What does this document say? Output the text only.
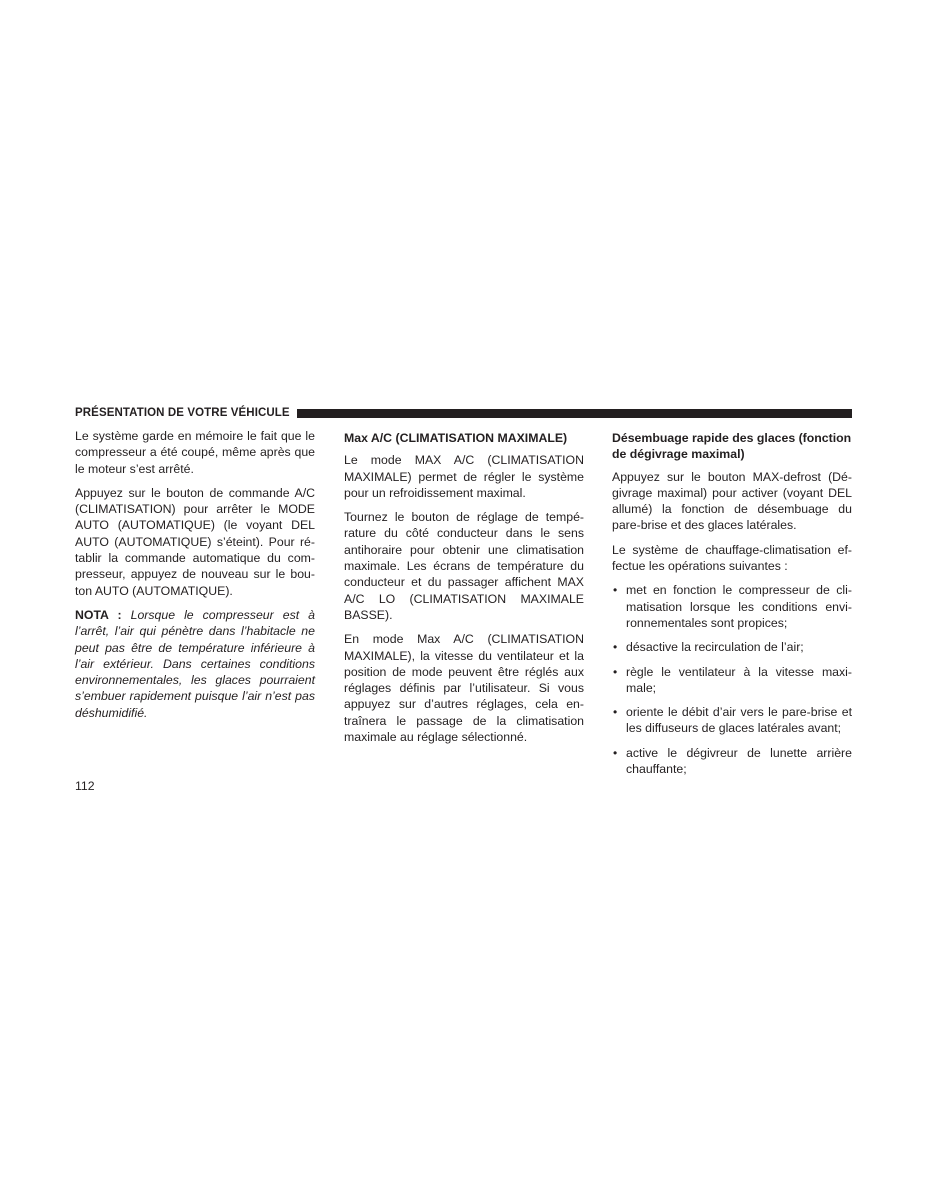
PRÉSENTATION DE VOTRE VÉHICULE

Le système garde en mémoire le fait que le compresseur a été coupé, même après que le moteur s’est arrêté.

Appuyez sur le bouton de commande A/C (CLIMATISATION) pour arrêter le MODE AUTO (AUTOMATIQUE) (le voyant DEL AUTO (AUTOMATIQUE) s’éteint). Pour ré-tablir la commande automatique du com-presseur, appuyez de nouveau sur le bou-ton AUTO (AUTOMATIQUE).

NOTA : Lorsque le compresseur est à l’arrêt, l’air qui pénètre dans l’habitacle ne peut pas être de température inférieure à l’air extérieur. Dans certaines conditions environnementales, les glaces pourraient s’embuer rapidement puisque l’air n’est pas déshumidifié.

Max A/C (CLIMATISATION MAXIMALE)

Le mode MAX A/C (CLIMATISATION MAXIMALE) permet de régler le système pour un refroidissement maximal.

Tournez le bouton de réglage de tempé-rature du côté conducteur dans le sens antihoraire pour obtenir une climatisation maximale. Les écrans de température du conducteur et du passager affichent MAX A/C LO (CLIMATISATION MAXIMALE BASSE).

En mode Max A/C (CLIMATISATION MAXIMALE), la vitesse du ventilateur et la position de mode peuvent être réglés aux réglages définis par l’utilisateur. Si vous appuyez sur d’autres réglages, cela en-traînera le passage de la climatisation maximale au réglage sélectionné.

Désembuage rapide des glaces (fonction de dégivrage maximal)

Appuyez sur le bouton MAX-defrost (Dé-givrage maximal) pour activer (voyant DEL allumé) la fonction de désembuage du pare-brise et des glaces latérales.

Le système de chauffage-climatisation ef-fectue les opérations suivantes :

• met en fonction le compresseur de cli-matisation lorsque les conditions envi-ronnementales sont propices;
• désactive la recirculation de l’air;
• règle le ventilateur à la vitesse maxi-male;
• oriente le débit d’air vers le pare-brise et les diffuseurs de glaces latérales avant;
• active le dégivreur de lunette arrière chauffante;
112
